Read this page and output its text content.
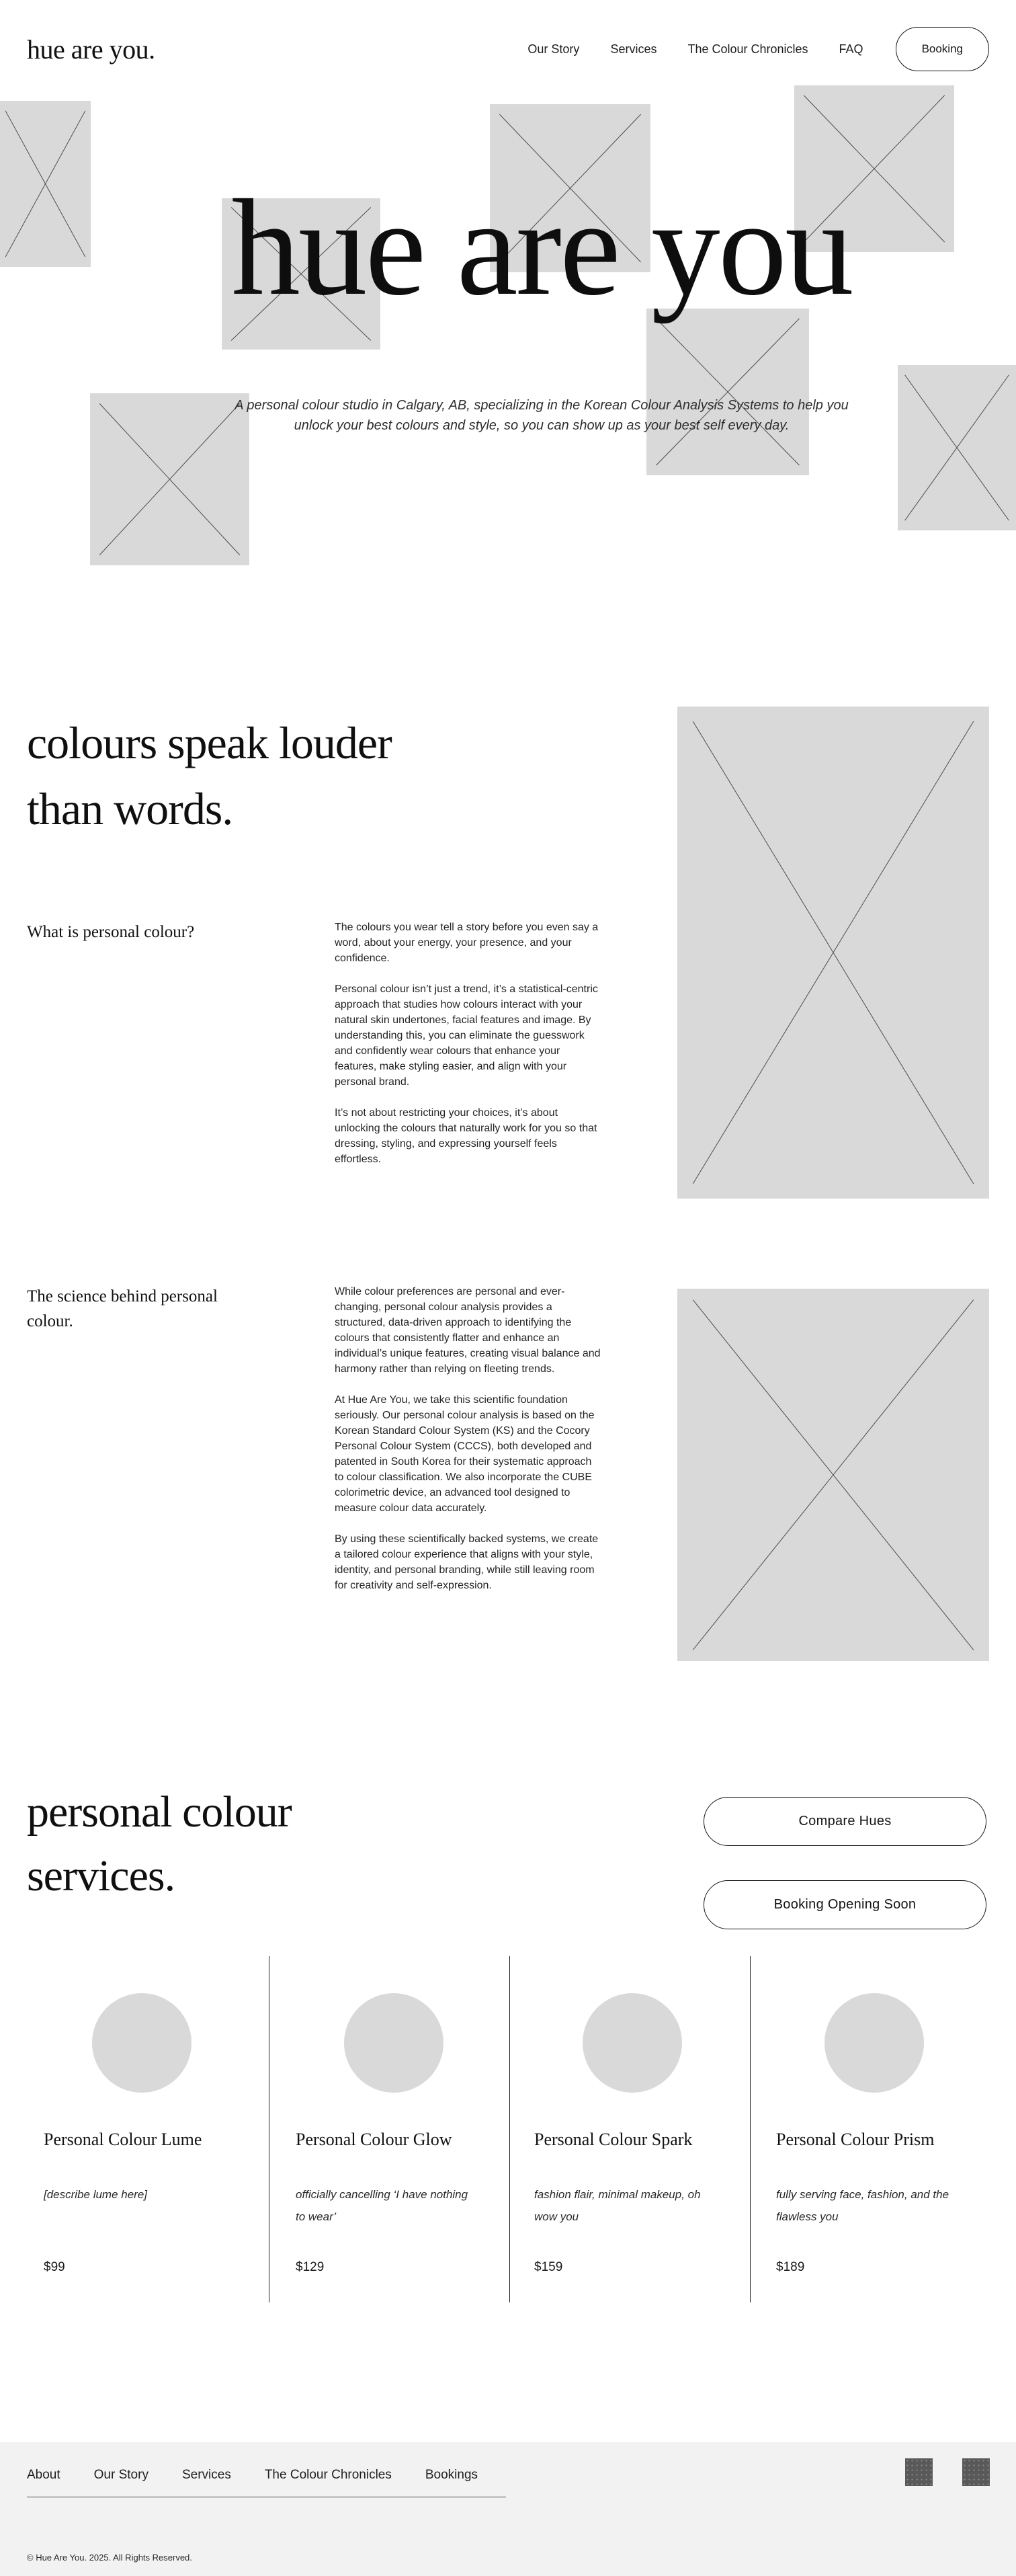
hue are you.	Our Story	Services	The Colour Chronicles	FAQ	Booking
hue are you

A personal colour studio in Calgary, AB, specializing in the Korean Colour Analysis Systems to help you unlock your best colours and style, so you can show up as your best self every day.

colours speak louder than words.
What is personal colour?	The colours you wear tell a story before you even say a word, about your energy, your presence, and your confidence.

Personal colour isn’t just a trend, it’s a statistical-centric approach that studies how colours interact with your natural skin undertones, facial features and image. By understanding this, you can eliminate the guesswork and confidently wear colours that enhance your features, make styling easier, and align with your personal brand.

It’s not about restricting your choices, it’s about unlocking the colours that naturally work for you so that dressing, styling, and expressing yourself feels effortless.

The science behind personal colour.

While colour preferences are personal and ever-changing, personal colour analysis provides a structured, data-driven approach to identifying the colours that consistently flatter and enhance an individual’s unique features, creating visual balance and harmony rather than relying on fleeting trends.

At Hue Are You, we take this scientific foundation seriously. Our personal colour analysis is based on the Korean Standard Colour System (KS) and the Cocory Personal Colour System (CCCS), both developed and patented in South Korea for their systematic approach to colour classification. We also incorporate the CUBE colorimetric device, an advanced tool designed to measure colour data accurately.

By using these scientifically backed systems, we create a tailored colour experience that aligns with your style, identity, and personal branding, while still leaving room for creativity and self-expression.

personal colour services.
Compare Hues
Booking Opening Soon
Personal Colour Lume
[describe lume here]
$99
Personal Colour Glow
officially cancelling ‘I have nothing to wear’
$129
Personal Colour Spark
fashion flair, minimal makeup, oh wow you
$159
Personal Colour Prism
fully serving face, fashion, and the flawless you
$189
About	Our Story	Services	The Colour Chronicles	Bookings
© Hue Are You. 2025. All Rights Reserved.
